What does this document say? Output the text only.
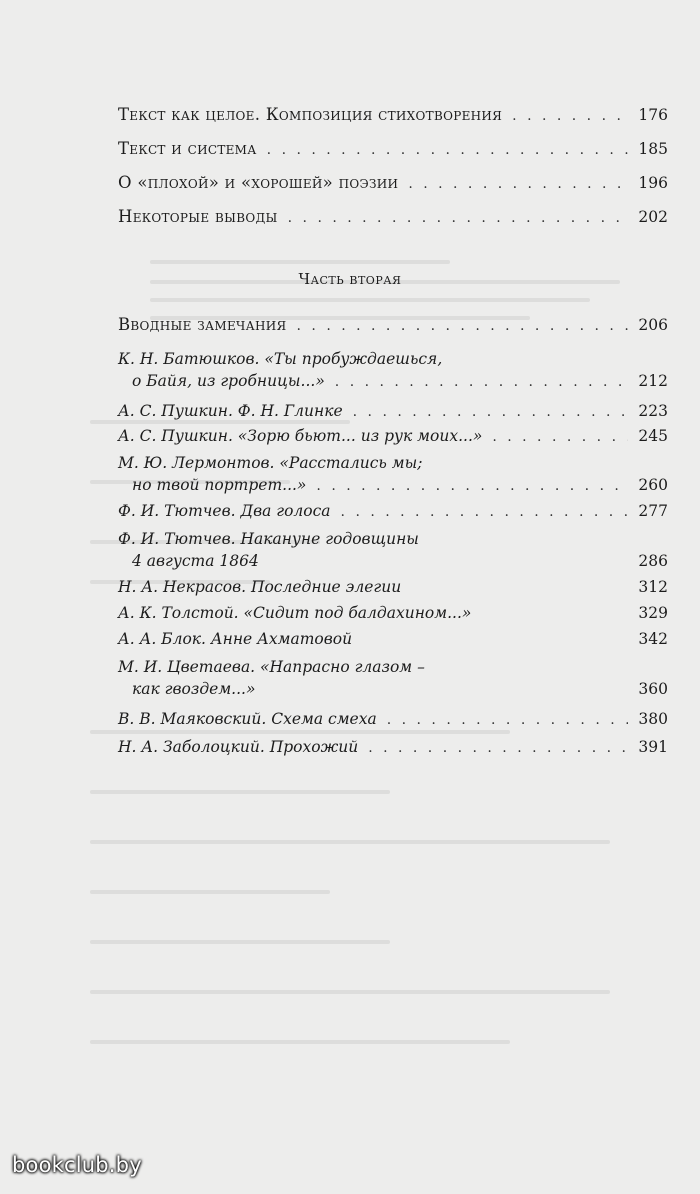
Текст как целое. Композиция стихотворения . . .	176
Текст и система . . .	185
О «плохой» и «хорошей» поэзии . . .	196
Некоторые выводы . . .	202
Часть вторая
Вводные замечания . . .	206
К. Н. Батюшков. «Ты пробуждаешься,
о Байя, из гробницы...» . . .	212
А. С. Пушкин. Ф. Н. Глинке . . .	223
А. С. Пушкин. «Зорю бьют... из рук моих...» . . .	245
М. Ю. Лермонтов. «Расстались мы;
но твой портрет...» . . .	260
Ф. И. Тютчев. Два голоса . . .	277
Ф. И. Тютчев. Накануне годовщины
4 августа 1864	286
Н. А. Некрасов. Последние элегии	312
А. К. Толстой. «Сидит под балдахином...»	329
А. А. Блок. Анне Ахматовой	342
М. И. Цветаева. «Напрасно глазом –
как гвоздем...»	360
В. В. Маяковский. Схема смеха . . .	380
Н. А. Заболоцкий. Прохожий . . .	391
bookclub.by
